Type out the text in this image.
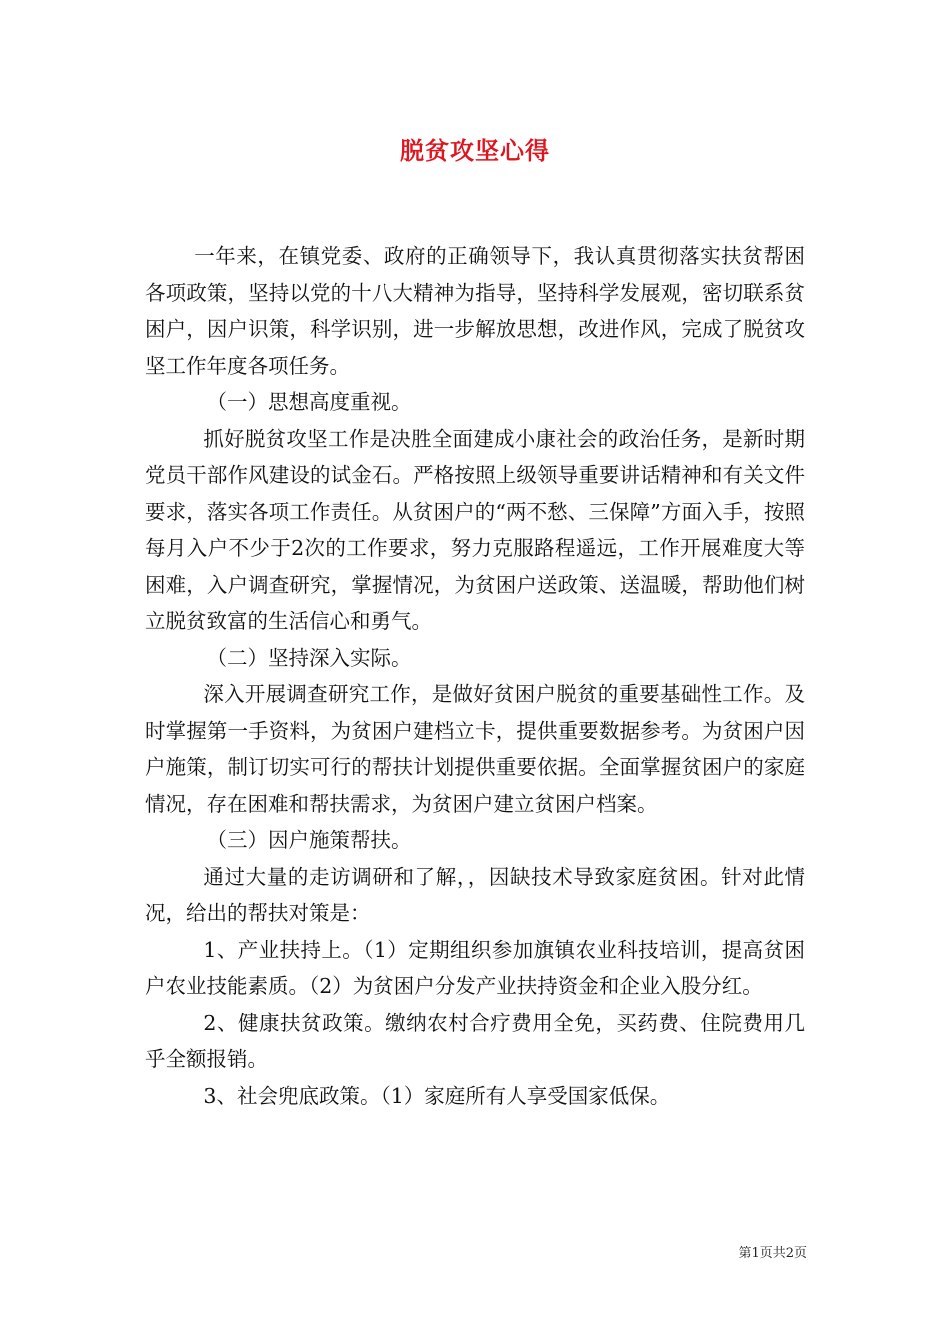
脱贫攻坚心得

一年来，在镇党委、政府的正确领导下，我认真贯彻落实扶贫帮困各项政策，坚持以党的十八大精神为指导，坚持科学发展观，密切联系贫困户，因户识策，科学识别，进一步解放思想，改进作风，完成了脱贫攻坚工作年度各项任务。

（一）思想高度重视。

抓好脱贫攻坚工作是决胜全面建成小康社会的政治任务，是新时期党员干部作风建设的试金石。严格按照上级领导重要讲话精神和有关文件要求，落实各项工作责任。从贫困户的“两不愁、三保障”方面入手，按照每月入户不少于2次的工作要求，努力克服路程遥远，工作开展难度大等困难，入户调查研究，掌握情况，为贫困户送政策、送温暖，帮助他们树立脱贫致富的生活信心和勇气。

（二）坚持深入实际。

深入开展调查研究工作，是做好贫困户脱贫的重要基础性工作。及时掌握第一手资料，为贫困户建档立卡，提供重要数据参考。为贫困户因户施策，制订切实可行的帮扶计划提供重要依据。全面掌握贫困户的家庭情况，存在困难和帮扶需求，为贫困户建立贫困户档案。

（三）因户施策帮扶。

通过大量的走访调研和了解，，因缺技术导致家庭贫困。针对此情况，给出的帮扶对策是：

1、产业扶持上。（1）定期组织参加旗镇农业科技培训，提高贫困户农业技能素质。（2）为贫困户分发产业扶持资金和企业入股分红。

2、健康扶贫政策。缴纳农村合疗费用全免，买药费、住院费用几乎全额报销。

3、社会兜底政策。（1）家庭所有人享受国家低保。

第1页共2页
